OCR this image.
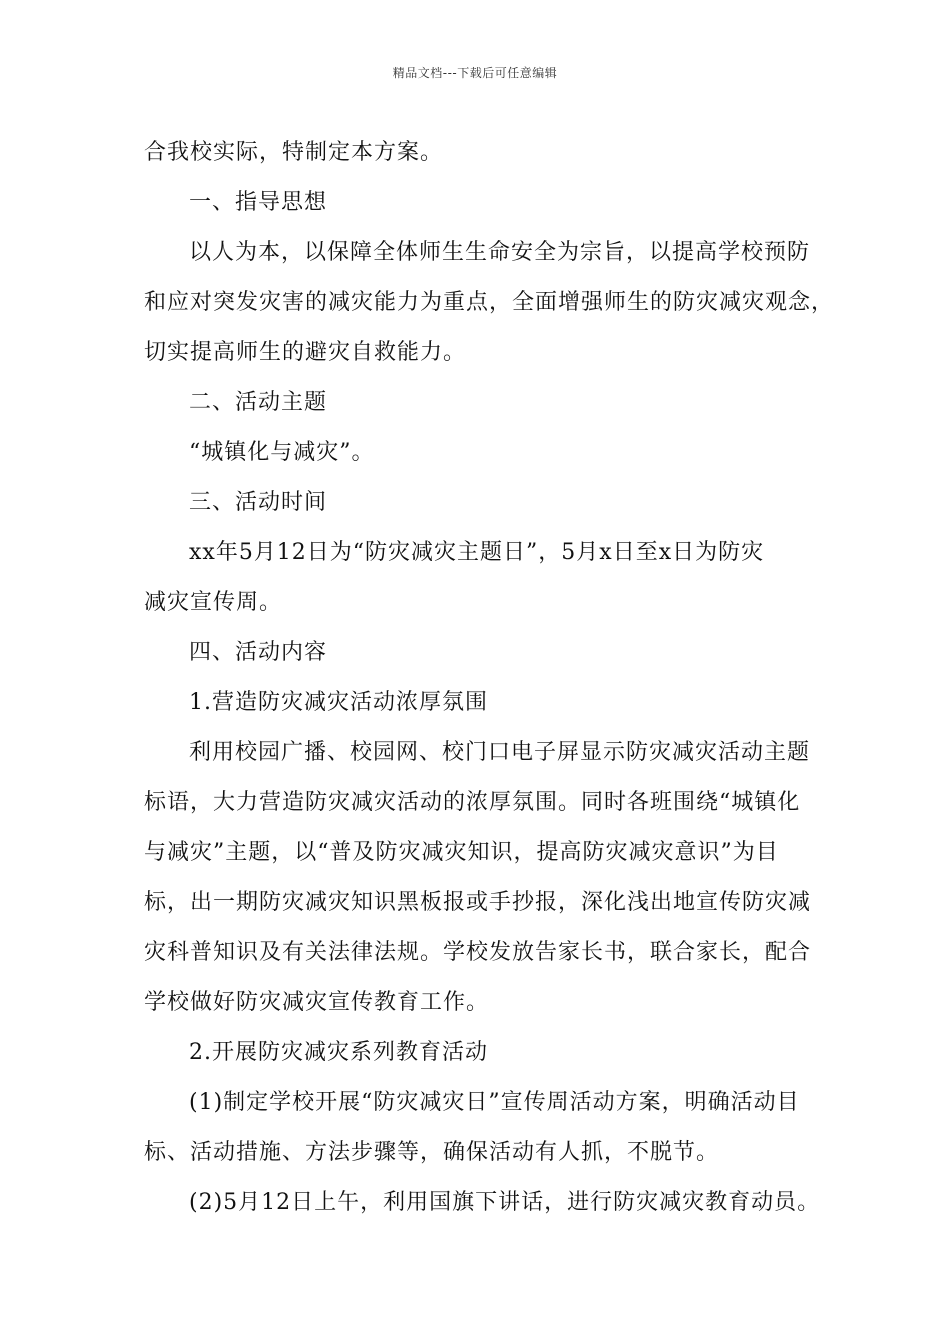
精品文档---下载后可任意编辑
合我校实际，特制定本方案。
一、指导思想
以人为本，以保障全体师生生命安全为宗旨，以提高学校预防
和应对突发灾害的减灾能力为重点，全面增强师生的防灾减灾观念，
切实提高师生的避灾自救能力。
二、活动主题
“城镇化与减灾”。
三、活动时间
xx年5月12日为“防灾减灾主题日”，5月x日至x日为防灾
减灾宣传周。
四、活动内容
1.营造防灾减灾活动浓厚氛围
利用校园广播、校园网、校门口电子屏显示防灾减灾活动主题
标语，大力营造防灾减灾活动的浓厚氛围。同时各班围绕“城镇化
与减灾”主题，以“普及防灾减灾知识，提高防灾减灾意识”为目
标，出一期防灾减灾知识黑板报或手抄报，深化浅出地宣传防灾减
灾科普知识及有关法律法规。学校发放告家长书，联合家长，配合
学校做好防灾减灾宣传教育工作。
2.开展防灾减灾系列教育活动
(1)制定学校开展“防灾减灾日”宣传周活动方案，明确活动目
标、活动措施、方法步骤等，确保活动有人抓，不脱节。
(2)5月12日上午，利用国旗下讲话，进行防灾减灾教育动员。
